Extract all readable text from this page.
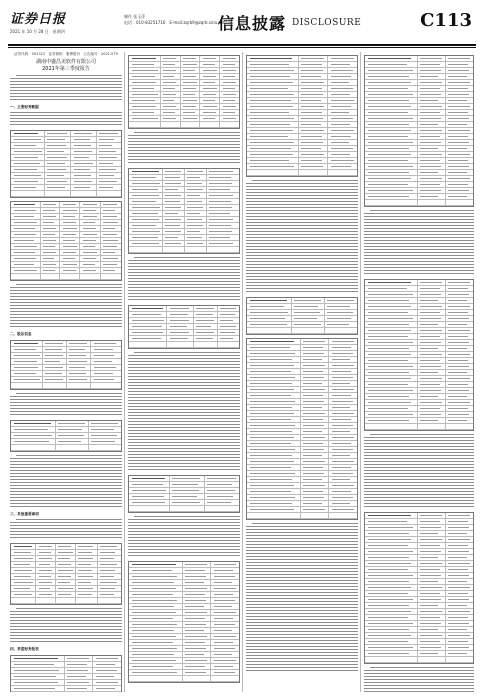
证券日报
2021 年 10 月 28 日　星期四
制作 张玉萍
电话：010-83251716　E-mail:zqrb9@zqrb.sina.net
信息披露 DISCLOSURE	C113
证券代码：002323　证券简称：雅博股份　公告编号：2021-079
湖南中盛昌美软件有限公司
2021年第三季度报告
一、主要财务数据
二、股东信息
三、其他重要事项
四、季度财务报表
